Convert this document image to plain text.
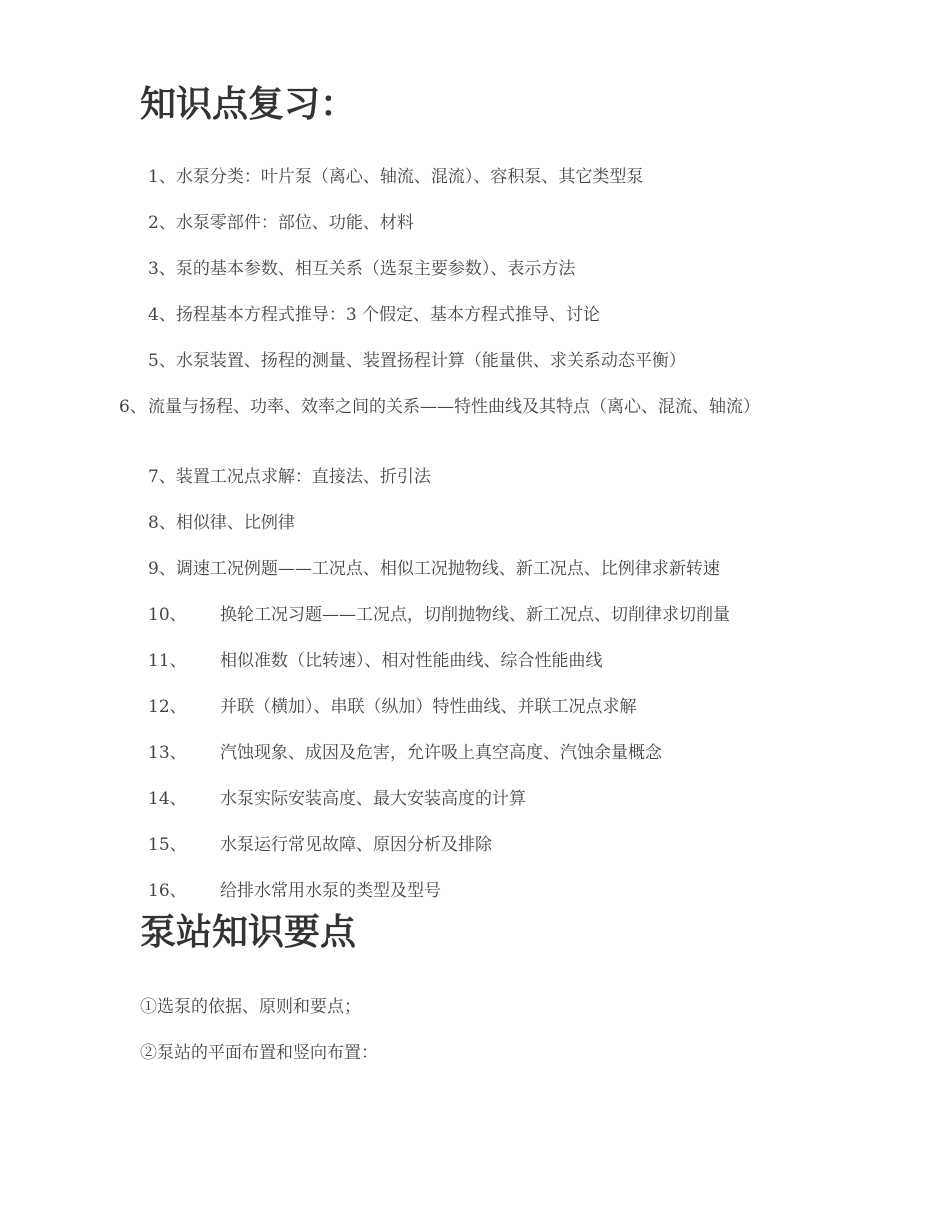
知识点复习：
1、水泵分类：叶片泵（离心、轴流、混流）、容积泵、其它类型泵
2、水泵零部件：部位、功能、材料
3、泵的基本参数、相互关系（选泵主要参数）、表示方法
4、扬程基本方程式推导：3 个假定、基本方程式推导、讨论
5、水泵装置、扬程的测量、装置扬程计算（能量供、求关系动态平衡）
6、流量与扬程、功率、效率之间的关系——特性曲线及其特点（离心、混流、轴流）
7、装置工况点求解：直接法、折引法
8、相似律、比例律
9、调速工况例题——工况点、相似工况抛物线、新工况点、比例律求新转速
10、 换轮工况习题——工况点，切削抛物线、新工况点、切削律求切削量
11、 相似准数（比转速）、相对性能曲线、综合性能曲线
12、 并联（横加）、串联（纵加）特性曲线、并联工况点求解
13、 汽蚀现象、成因及危害，允许吸上真空高度、汽蚀余量概念
14、 水泵实际安装高度、最大安装高度的计算
15、 水泵运行常见故障、原因分析及排除
16、 给排水常用水泵的类型及型号
泵站知识要点

①选泵的依据、原则和要点；

②泵站的平面布置和竖向布置：
